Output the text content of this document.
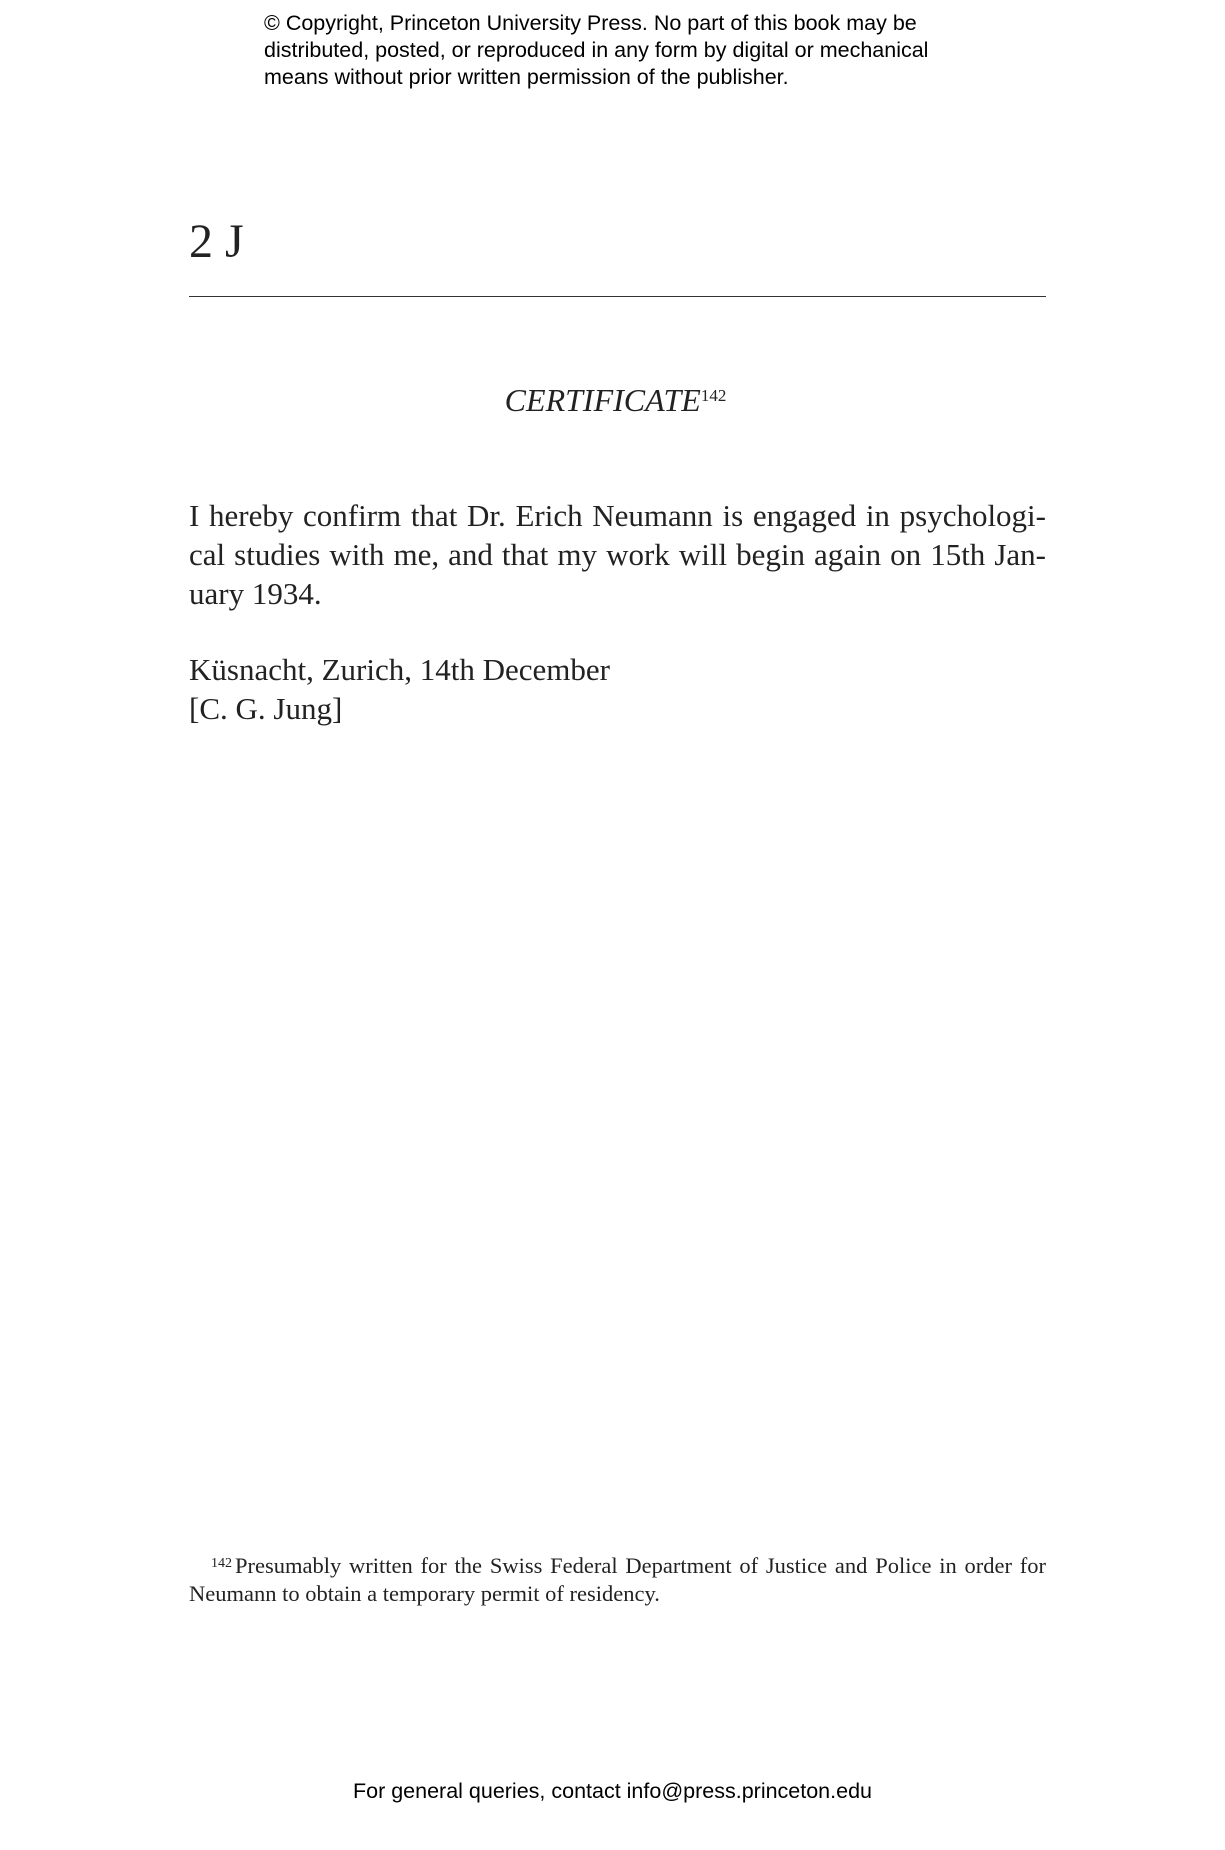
© Copyright, Princeton University Press. No part of this book may be
distributed, posted, or reproduced in any form by digital or mechanical
means without prior written permission of the publisher.
2 J
CERTIFICATE$^{142}$
I hereby confirm that Dr. Erich Neumann is engaged in psychologi-
cal studies with me, and that my work will begin again on 15th Jan-
uary 1934.
Küsnacht, Zurich, 14th December
[C. G. Jung]
$^{142}$ Presumably written for the Swiss Federal Department of Justice and Police in order for
Neumann to obtain a temporary permit of residency.
For general queries, contact info@press.princeton.edu
